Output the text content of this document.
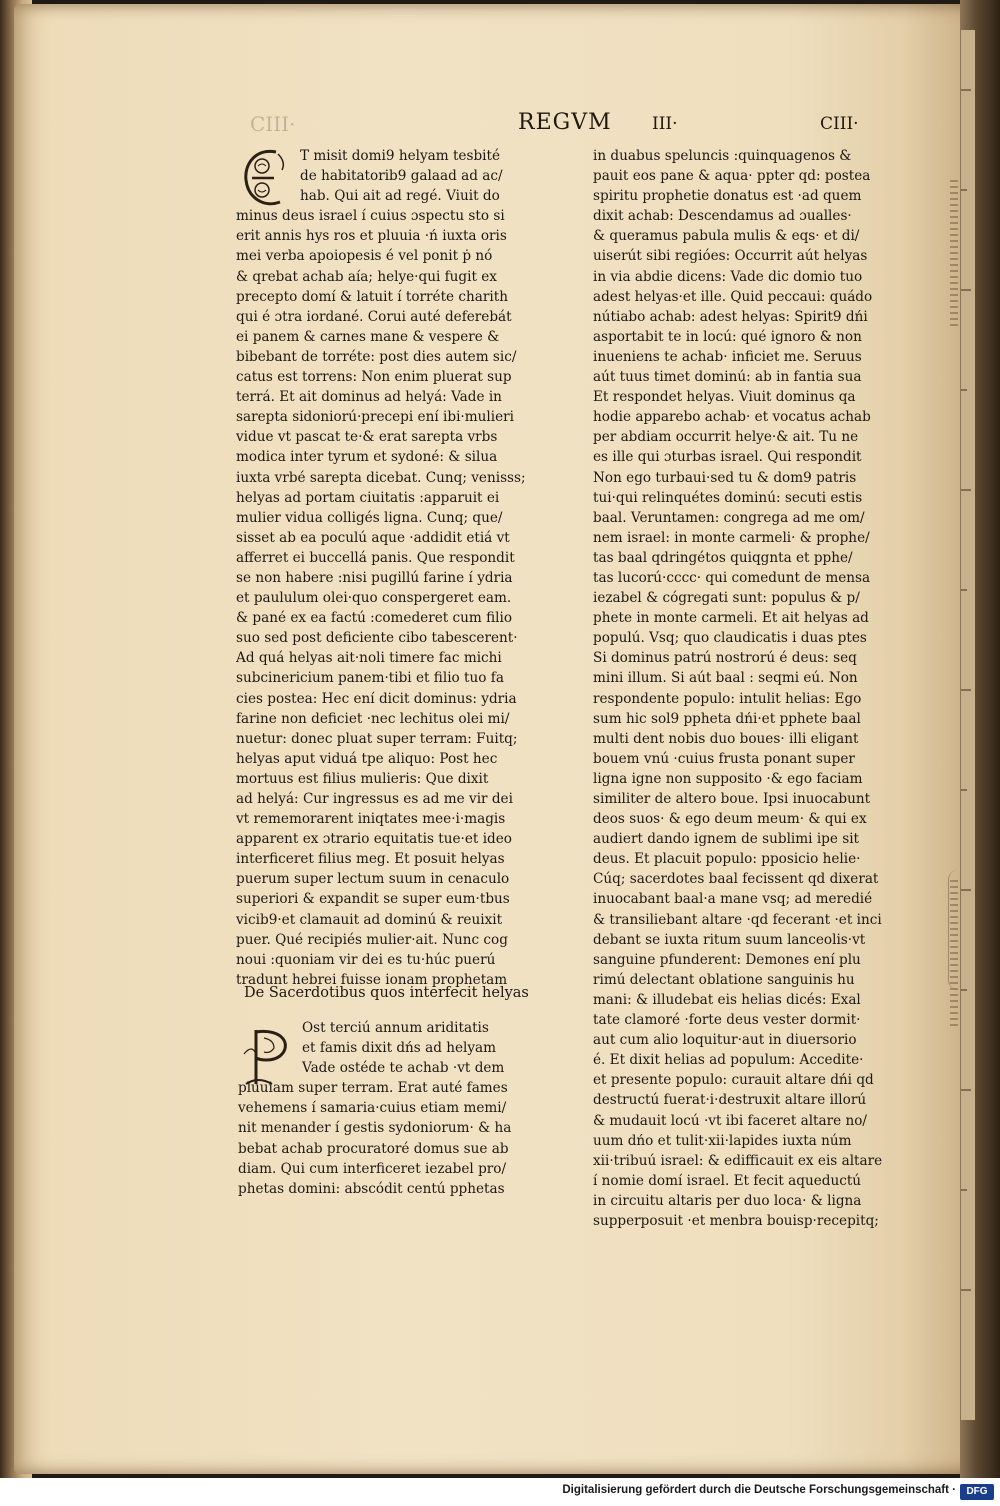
CIII·	REGVM III·	CIII·
T misit domi9 helyam tesbité
de habitatorib9 galaad ad ac/
hab. Qui ait ad regé. Viuit do
minus deus israel í cuius ɔspectu sto si
erit annis hys ros et pluuia ·ń iuxta oris
mei verba apoiopesis é vel ponit ṗ nó
& qrebat achab aía; helye·qui fugit ex
precepto domí & latuit í torréte charith
qui é ɔtra iordané. Corui auté deferebát
ei panem & carnes mane & vespere &
bibebant de torréte: post dies autem sic/
catus est torrens: Non enim pluerat sup
terrá. Et ait dominus ad helyá: Vade in
sarepta sidoniorú·precepi ení ibi·mulieri
vidue vt pascat te·& erat sarepta vrbs
modica inter tyrum et sydoné: & silua
iuxta vrbé sarepta dicebat. Cunq; venisss;
helyas ad portam ciuitatis :apparuit ei
mulier vidua colligés ligna. Cunq; que/
sisset ab ea poculú aque ·addidit etiá vt
afferret ei buccellá panis. Que respondit
se non habere :nisi pugillú farine í ydria
et paululum olei·quo conspergeret eam.
& pané ex ea factú :comederet cum filio
suo sed post deficiente cibo tabescerent·
Ad quá helyas ait·noli timere fac michi
subcinericium panem·tibi et filio tuo fa
cies postea: Hec ení dicit dominus: ydria
farine non deficiet ·nec lechitus olei mi/
nuetur: donec pluat super terram: Fuitq;
helyas aput viduá tpe aliquo: Post hec
mortuus est filius mulieris: Que dixit
ad helyá: Cur ingressus es ad me vir dei
vt rememorarent iniqtates mee·i·magis
apparent ex ɔtrario equitatis tue·et ideo
interficeret filius meg. Et posuit helyas
puerum super lectum suum in cenaculo
superiori & expandit se super eum·tbus
vicib9·et clamauit ad dominú & reuixit
puer. Qué recipiés mulier·ait. Nunc cog
noui :quoniam vir dei es tu·húc puerú
tradunt hebrei fuisse ionam prophetam
De Sacerdotibus quos interfecit helyas
Ost terciú annum ariditatis
et famis dixit dńs ad helyam
Vade ostéde te achab ·vt dem
pluuiam super terram. Erat auté fames
vehemens í samaria·cuius etiam memi/
nit menander í gestis sydoniorum· & ha
bebat achab procuratoré domus sue ab
diam. Qui cum interficeret iezabel pro/
phetas domini: abscódit centú pphetas
in duabus speluncis :quinquagenos &
pauit eos pane & aqua· ppter qd: postea
spiritu prophetie donatus est ·ad quem
dixit achab: Descendamus ad ɔualles·
& queramus pabula mulis & eqs· et di/
uiserút sibi regióes: Occurrit aút helyas
in via abdie dicens: Vade dic domio tuo
adest helyas·et ille. Quid peccaui: quádo
nútiabo achab: adest helyas: Spirit9 dńi
asportabit te in locú: qué ignoro & non
inueniens te achab· inficiet me. Seruus
aút tuus timet dominú: ab in fantia sua
Et respondet helyas. Viuit dominus qa
hodie apparebo achab· et vocatus achab
per abdiam occurrit helye·& ait. Tu ne
es ille qui ɔturbas israel. Qui respondit
Non ego turbaui·sed tu & dom9 patris
tui·qui relinquétes dominú: secuti estis
baal. Veruntamen: congrega ad me om/
nem israel: in monte carmeli· & prophe/
tas baal qdringétos quiqgnta et pphe/
tas lucorú·cccc· qui comedunt de mensa
iezabel & cógregati sunt: populus & p/
phete in monte carmeli. Et ait helyas ad
populú. Vsq; quo claudicatis i duas ptes
Si dominus patrú nostrorú é deus: seq
mini illum. Si aút baal : seqmi eú. Non
respondente populo: intulit helias: Ego
sum hic sol9 ppheta dńi·et pphete baal
multi dent nobis duo boues· illi eligant
bouem vnú ·cuius frusta ponant super
ligna igne non supposito ·& ego faciam
similiter de altero boue. Ipsi inuocabunt
deos suos· & ego deum meum· & qui ex
audiert dando ignem de sublimi ipe sit
deus. Et placuit populo: pposicio helie·
Cúq; sacerdotes baal fecissent qd dixerat
inuocabant baal·a mane vsq; ad meredié
& transiliebant altare ·qd fecerant ·et inci
debant se iuxta ritum suum lanceolis·vt
sanguine pfunderent: Demones ení plu
rimú delectant oblatione sanguinis hu
mani: & illudebat eis helias dicés: Exal
tate clamoré ·forte deus vester dormit·
aut cum alio loquitur·aut in diuersorio
é. Et dixit helias ad populum: Accedite·
et presente populo: curauit altare dńi qd
destructú fuerat·i·destruxit altare illorú
& mudauit locú ·vt ibi faceret altare no/
uum dńo et tulit·xii·lapides iuxta núm
xii·tribuú israel: & edifficauit ex eis altare
í nomie domí israel. Et fecit aqueductú
in circuitu altaris per duo loca· & ligna
supperposuit ·et menbra bouisp·recepitq;
Digitalisierung gefördert durch die Deutsche Forschungsgemeinschaft ·	DFG
